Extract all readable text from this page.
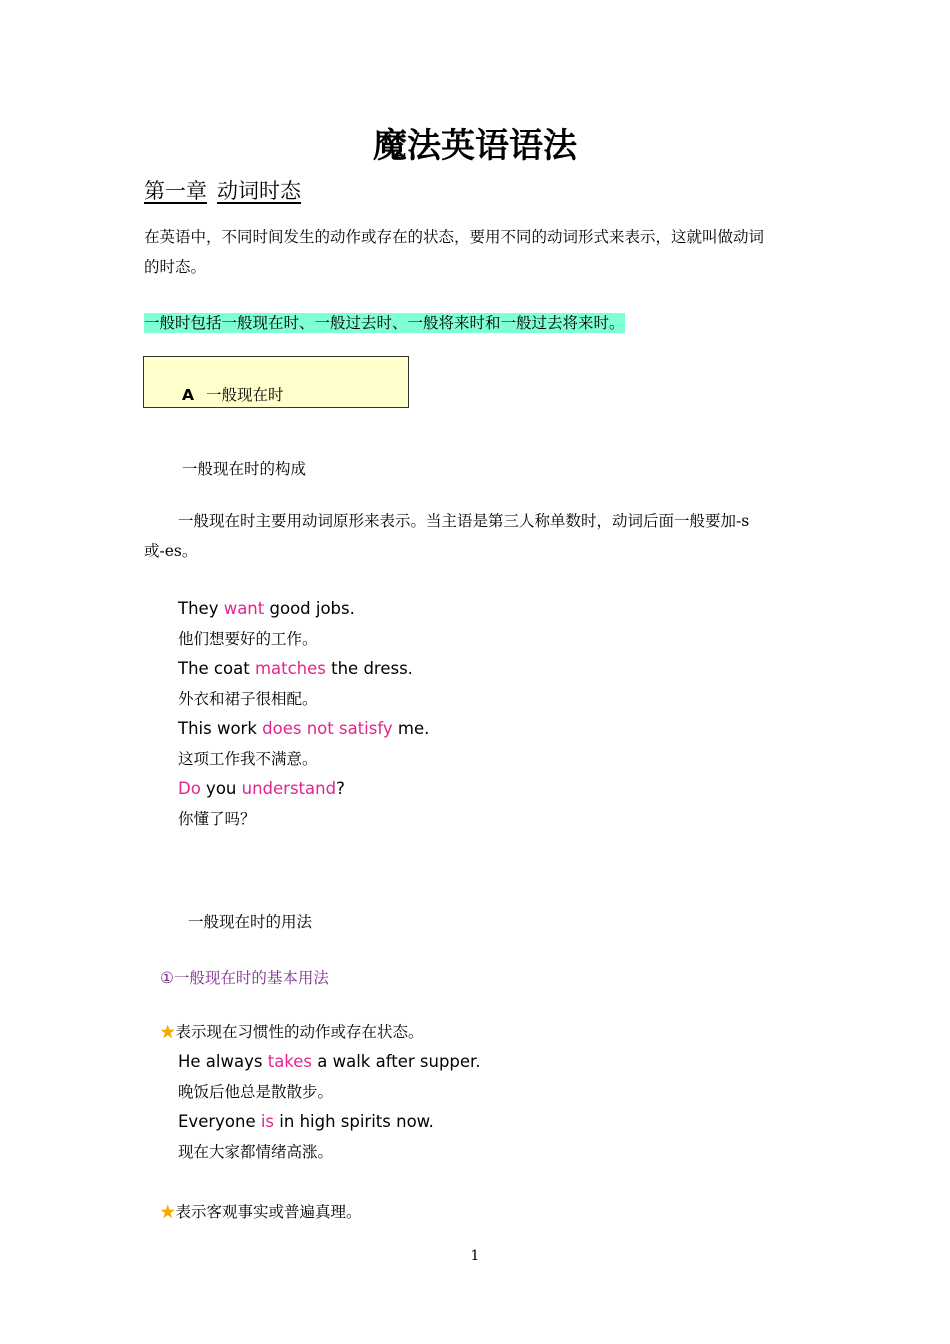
魔法英语语法
第一章 动词时态
在英语中，不同时间发生的动作或存在的状态，要用不同的动词形式来表示，这就叫做动词
的时态。
一般时包括一般现在时、一般过去时、一般将来时和一般过去将来时。
A 一般现在时
一般现在时的构成
一般现在时主要用动词原形来表示。当主语是第三人称单数时，动词后面一般要加-s
或-es。
They want good jobs.
他们想要好的工作。
The coat matches the dress.
外衣和裙子很相配。
This work does not satisfy me.
这项工作我不满意。
Do you understand?
你懂了吗？
一般现在时的用法
①一般现在时的基本用法
★表示现在习惯性的动作或存在状态。
He always takes a walk after supper.
晚饭后他总是散散步。
Everyone is in high spirits now.
现在大家都情绪高涨。
★表示客观事实或普遍真理。
1
